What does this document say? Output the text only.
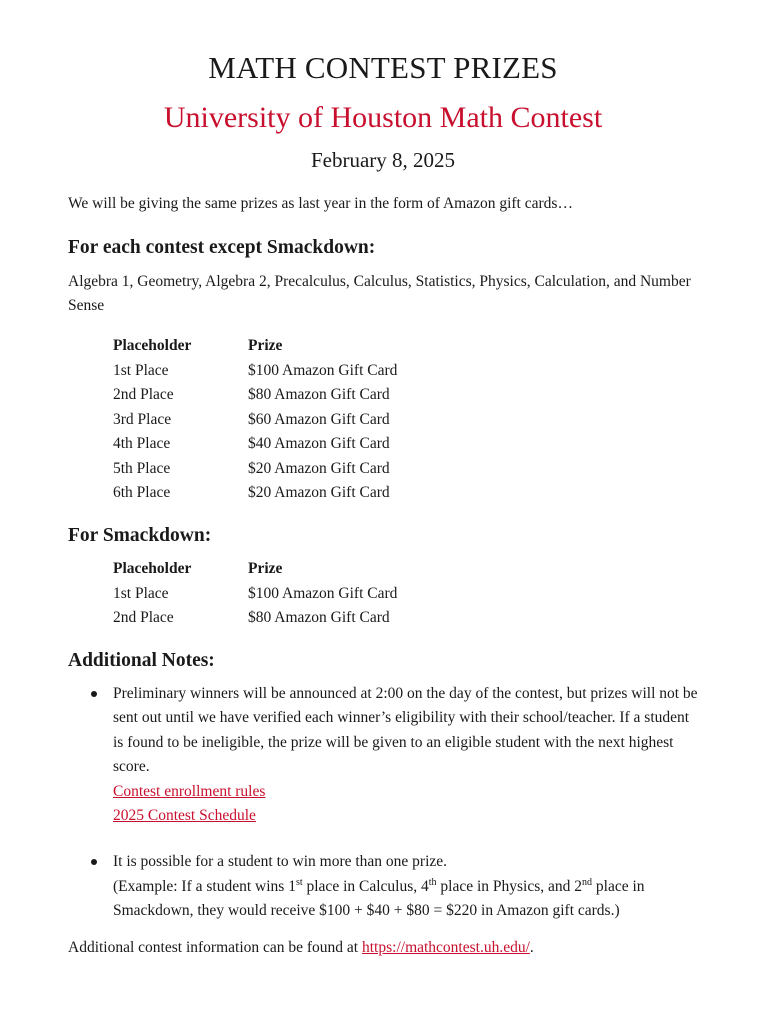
MATH CONTEST PRIZES
University of Houston Math Contest
February 8, 2025
We will be giving the same prizes as last year in the form of Amazon gift cards…
For each contest except Smackdown:
Algebra 1, Geometry, Algebra 2, Precalculus, Calculus, Statistics, Physics, Calculation, and Number Sense
Placeholder	Prize
1st Place	$100 Amazon Gift Card
2nd Place	$80 Amazon Gift Card
3rd Place	$60 Amazon Gift Card
4th Place	$40 Amazon Gift Card
5th Place	$20 Amazon Gift Card
6th Place	$20 Amazon Gift Card
For Smackdown:
Placeholder	Prize
1st Place	$100 Amazon Gift Card
2nd Place	$80 Amazon Gift Card
Additional Notes:
Preliminary winners will be announced at 2:00 on the day of the contest, but prizes will not be sent out until we have verified each winner’s eligibility with their school/teacher. If a student is found to be ineligible, the prize will be given to an eligible student with the next highest score.
Contest enrollment rules
2025 Contest Schedule
It is possible for a student to win more than one prize.
(Example: If a student wins 1st place in Calculus, 4th place in Physics, and 2nd place in Smackdown, they would receive $100 + $40 + $80 = $220 in Amazon gift cards.)
Additional contest information can be found at https://mathcontest.uh.edu/.
